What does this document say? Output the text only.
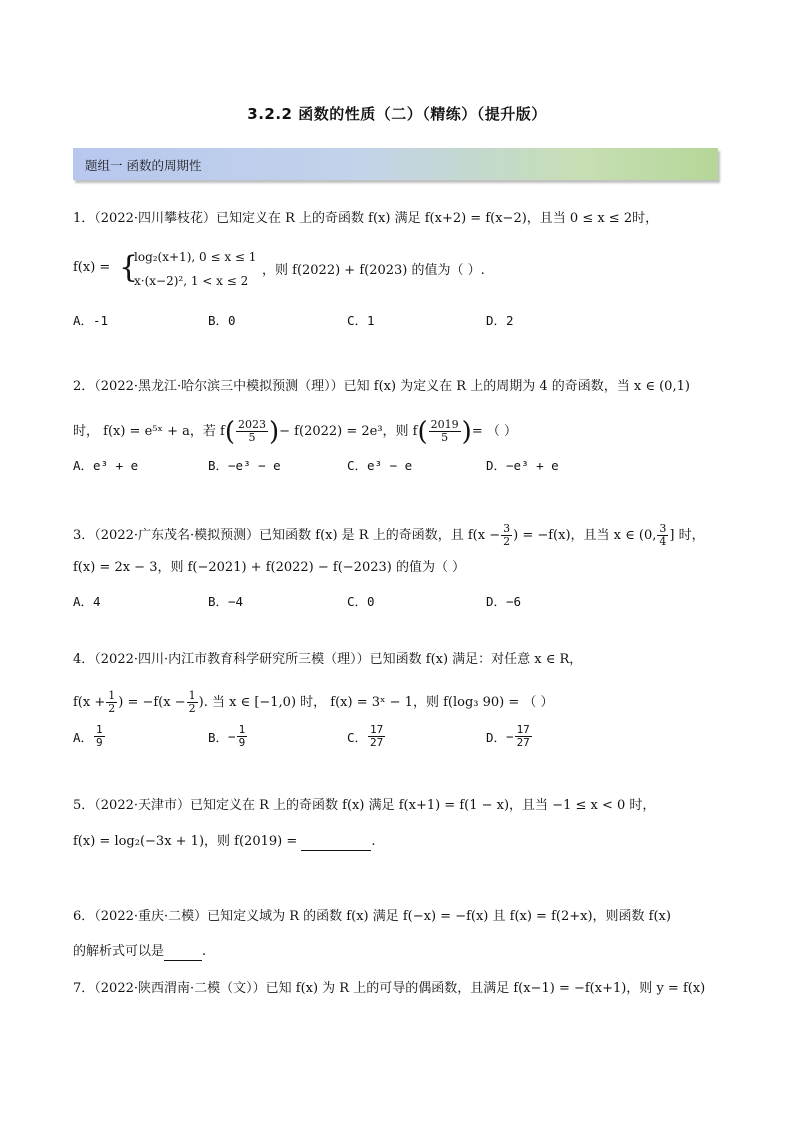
3.2.2 函数的性质（二）（精练）（提升版）
题组一 函数的周期性
1．（2022·四川攀枝花）已知定义在 R 上的奇函数 f(x) 满足 f(x+2) = f(x−2)，且当 0 ≤ x ≤ 2时，
f(x) = {
log₂(x+1), 0 ≤ x ≤ 1
x·(x−2)², 1 < x ≤ 2
，则 f(2022) + f(2023) 的值为（ ）.
A．-1	B．0	C．1	D．2
2．（2022·黑龙江·哈尔滨三中模拟预测（理））已知 f(x) 为定义在 R 上的周期为 4 的奇函数，当 x ∈ (0,1)
时， f(x) = e⁵ˣ + a，若 f ( $\frac{2023}{5}$ ) − f(2022) = 2e³，则 f ( $\frac{2019}{5}$ ) = （ ）
A．e³ + e	B．−e³ − e	C．e³ − e	D．−e³ + e
3．（2022·广东茂名·模拟预测）已知函数 f(x) 是 R 上的奇函数，且 $f(x - \frac{3}{2}$ ) = −f(x)，且当 x ∈ (0, $\frac{3}{4}$ ] 时，
f(x) = 2x − 3，则 f(−2021) + f(2022) − f(−2023) 的值为（ ）
A．4	B．−4	C．0	D．−6
4．（2022·四川·内江市教育科学研究所三模（理））已知函数 f(x) 满足：对任意 x ∈ R，
$f(x + \frac{1}{2}$ ) = $-f(x - \frac{1}{2}$ ). 当 x ∈ [−1,0) 时， f(x) = 3ˣ − 1，则 f(log₃ 90) = （ ）
A． $\frac{1}{9}$	B． − $\frac{1}{9}$	C． $\frac{17}{27}$	D． − $\frac{17}{27}$
5．（2022·天津市）已知定义在 R 上的奇函数 f(x) 满足 f(x+1) = f(1 − x)，且当 −1 ≤ x < 0 时，
f(x) = log₂(−3x + 1)，则 f(2019) =	.
6．（2022·重庆·二模）已知定义域为 R 的函数 f(x) 满足 f(−x) = −f(x) 且 f(x) = f(2+x)，则函数 f(x)
的解析式可以是	.
7．（2022·陕西渭南·二模（文））已知 f(x) 为 R 上的可导的偶函数，且满足 f(x−1) = −f(x+1)，则 y = f(x)
